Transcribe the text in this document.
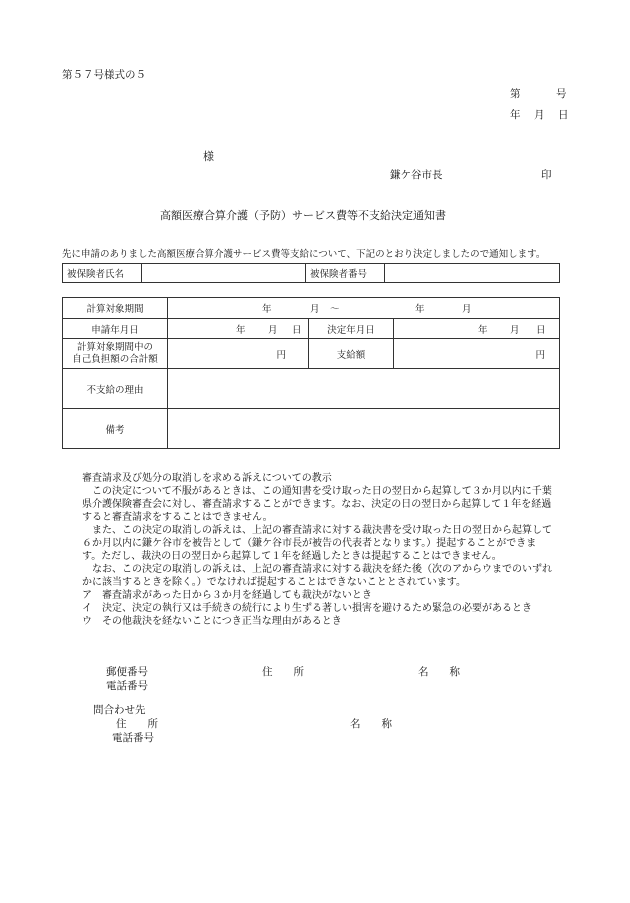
第５７号様式の５
第	号
年 月 日
様
鎌ケ谷市長	印
高額医療合算介護（予防）サービス費等不支給決定通知書
先に申請のありました高額医療合算介護サービス費等支給について、下記のとおり決定しましたので通知します。
被保険者氏名		被保険者番号	
計算対象期間	年 月 ～ 年 月		

申請年月日	年 月 日	決定年月日	年 月 日

計算対象期間中の
自己負担額の合計額	円	支給額	円
不支給の理由			
備考			

審査請求及び処分の取消しを求める訴えについての教示

この決定について不服があるときは、この通知書を受け取った日の翌日から起算して３か月以内に千葉県介護保険審査会に対し、審査請求することができます。なお、決定の日の翌日から起算して１年を経過すると審査請求をすることはできません。

また、この決定の取消しの訴えは、上記の審査請求に対する裁決書を受け取った日の翌日から起算して６か月以内に鎌ケ谷市を被告として（鎌ケ谷市長が被告の代表者となります。）提起することができます。ただし、裁決の日の翌日から起算して１年を経過したときは提起することはできません。

なお、この決定の取消しの訴えは、上記の審査請求に対する裁決を経た後（次のアからウまでのいずれかに該当するときを除く。）でなければ提起することはできないこととされています。

ア　 審査請求があった日から３か月を経過しても裁決がないとき

イ　 決定、決定の執行又は手続きの続行により生ずる著しい損害を避けるため緊急の必要があるとき

ウ　 その他裁決を経ないことにつき正当な理由があるとき

郵便番号	住　　所	名　　称
電話番号
問合わせ先
住　　所	名　　称
電話番号
